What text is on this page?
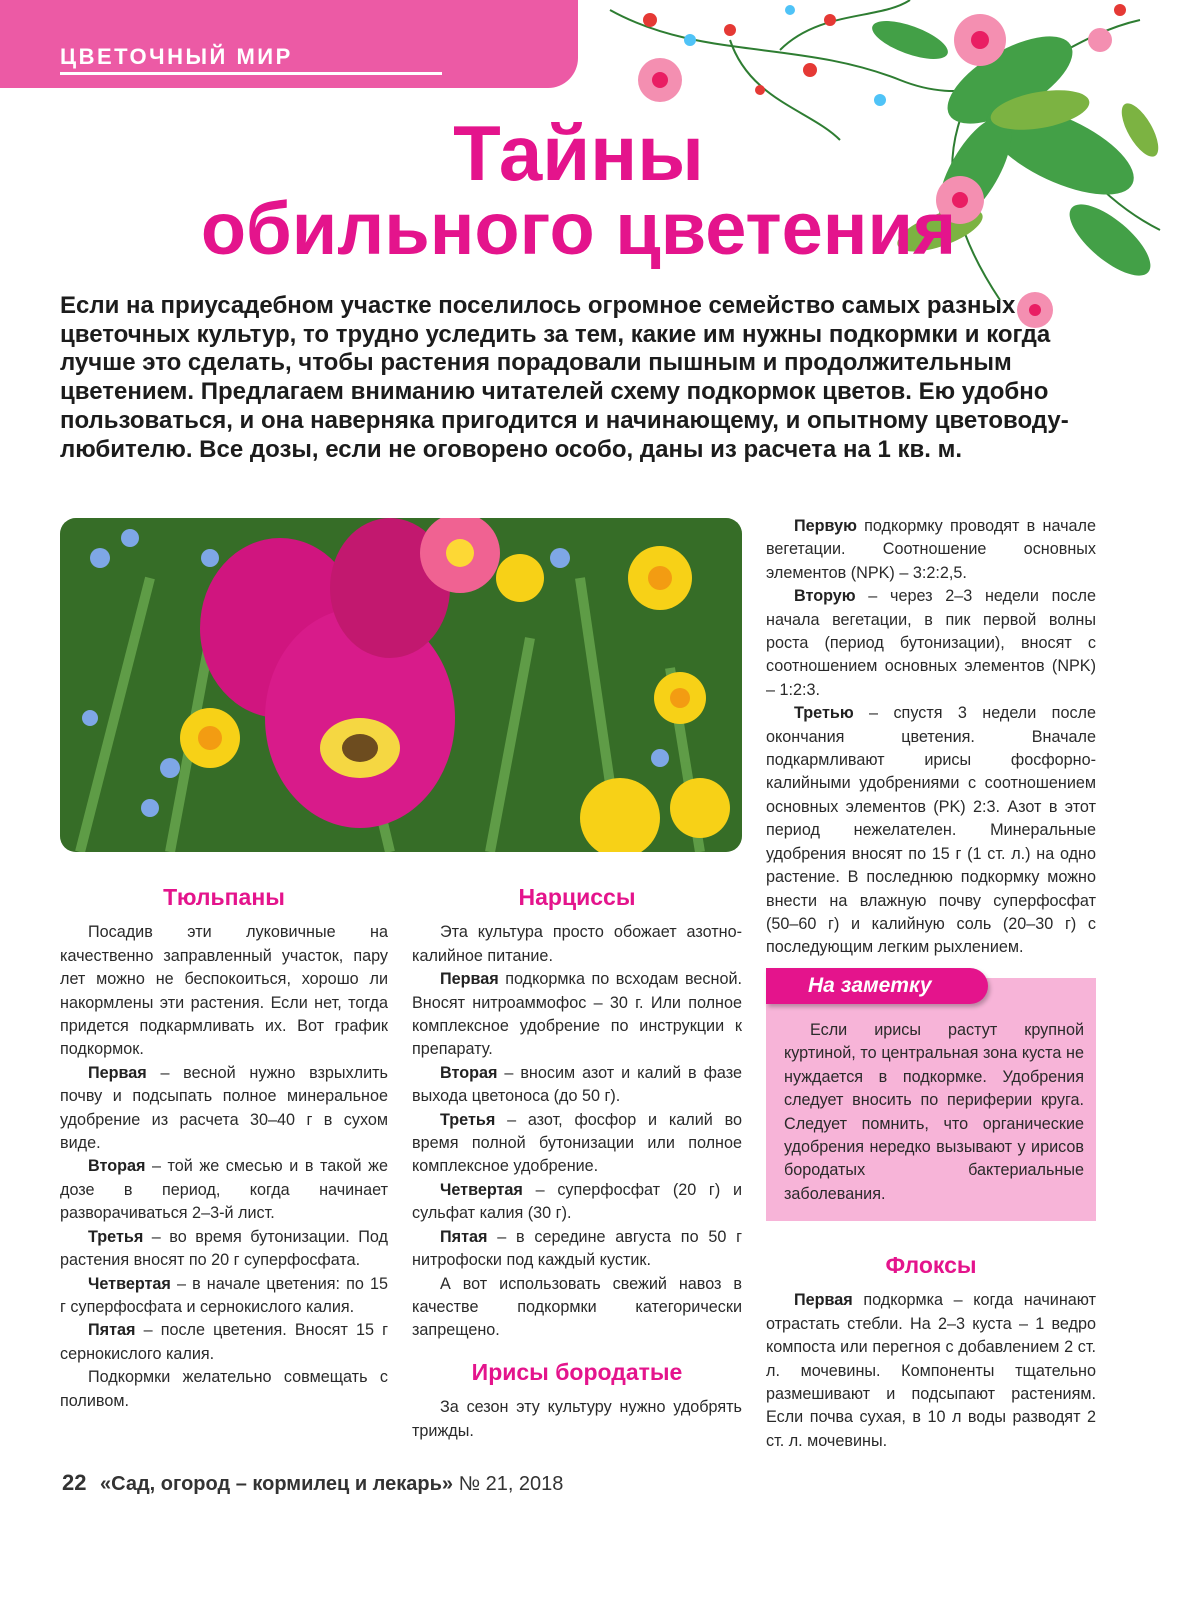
ЦВЕТОЧНЫЙ МИР
Тайны
обильного цветения

Если на приусадебном участке поселилось огромное семейство самых разных цветочных культур, то трудно уследить за тем, какие им нужны подкормки и когда лучше это сделать, чтобы растения порадовали пышным и продолжительным цветением. Предлагаем вниманию читателей схему подкормок цветов. Ею удобно пользоваться, и она наверняка пригодится и начинающему, и опытному цветоводу-любителю. Все дозы, если не оговорено особо, даны из расчета на 1 кв. м.

Тюльпаны

Посадив эти луковичные на качественно заправленный участок, пару лет можно не беспокоиться, хорошо ли накормлены эти растения. Если нет, тогда придется подкармливать их. Вот график подкормок.

Первая – весной нужно взрыхлить почву и подсыпать полное минеральное удобрение из расчета 30–40 г в сухом виде.

Вторая – той же смесью и в такой же дозе в период, когда начинает разворачиваться 2–3-й лист.

Третья – во время бутонизации. Под растения вносят по 20 г суперфосфата.

Четвертая – в начале цветения: по 15 г суперфосфата и сернокислого калия.

Пятая – после цветения. Вносят 15 г сернокислого калия.

Подкормки желательно совмещать с поливом.

Нарциссы

Эта культура просто обожает азотно-калийное питание.

Первая подкормка по всходам весной. Вносят нитроаммофос – 30 г. Или полное комплексное удобрение по инструкции к препарату.

Вторая – вносим азот и калий в фазе выхода цветоноса (до 50 г).

Третья – азот, фосфор и калий во время полной бутонизации или полное комплексное удобрение.

Четвертая – суперфосфат (20 г) и сульфат калия (30 г).

Пятая – в середине августа по 50 г нитрофоски под каждый кустик.

А вот использовать свежий навоз в качестве подкормки категорически запрещено.

Ирисы бородатые

За сезон эту культуру нужно удобрять трижды.

Первую подкормку проводят в начале вегетации. Соотношение основных элементов (NPK) – 3:2:2,5.

Вторую – через 2–3 недели после начала вегетации, в пик первой волны роста (период бутонизации), вносят с соотношением основных элементов (NPK) – 1:2:3.

Третью – спустя 3 недели после окончания цветения. Вначале подкармливают ирисы фосфорно-калийными удобрениями с соотношением основных элементов (PK) 2:3. Азот в этот период нежелателен. Минеральные удобрения вносят по 15 г (1 ст. л.) на одно растение. В последнюю подкормку можно внести на влажную почву суперфосфат (50–60 г) и калийную соль (20–30 г) с последующим легким рыхлением.

На заметку

Если ирисы растут крупной куртиной, то центральная зона куста не нуждается в подкормке. Удобрения следует вносить по периферии круга. Следует помнить, что органические удобрения нередко вызывают у ирисов бородатых бактериальные заболевания.

Флоксы

Первая подкормка – когда начинают отрастать стебли. На 2–3 куста – 1 ведро компоста или перегноя с добавлением 2 ст. л. мочевины. Компоненты тщательно размешивают и подсыпают растениям. Если почва сухая, в 10 л воды разводят 2 ст. л. мочевины.

22 «Сад, огород – кормилец и лекарь» № 21, 2018
